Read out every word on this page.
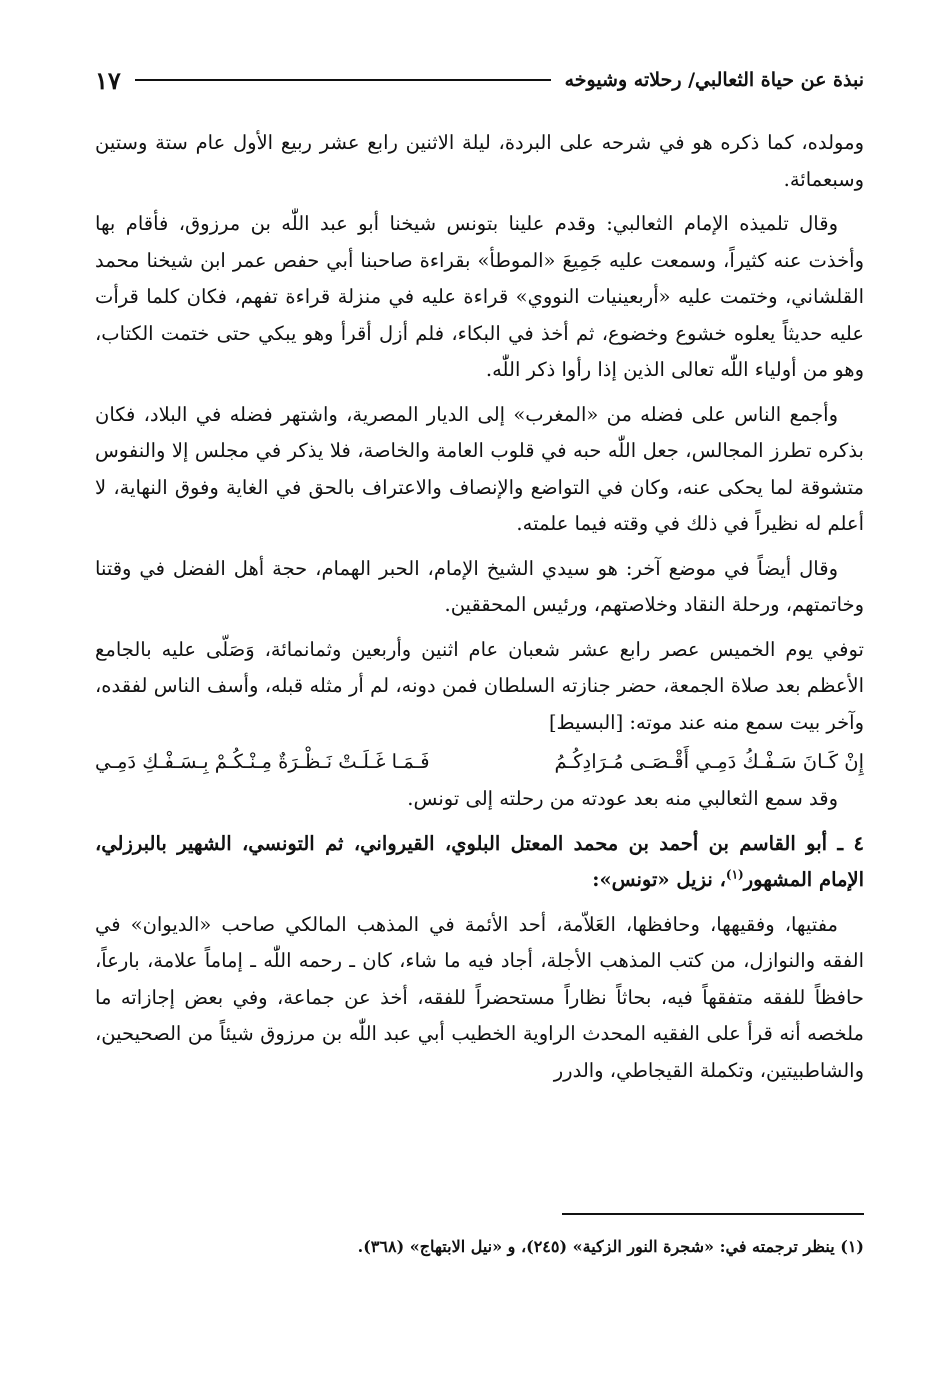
نبذة عن حياة الثعالبي/ رحلاته وشيوخه
١٧

ومولده، كما ذكره هو في شرحه على البردة، ليلة الاثنين رابع عشر ربيع الأول عام ستة وستين وسبعمائة.

وقال تلميذه الإمام الثعالبي: وقدم علينا بتونس شيخنا أبو عبد اللّٰه بن مرزوق، فأقام بها وأخذت عنه كثيراً، وسمعت عليه جَمِيعَ «الموطأ» بقراءة صاحبنا أبي حفص عمر ابن شيخنا محمد القلشاني، وختمت عليه «أربعينيات النووي» قراءة عليه في منزلة قراءة تفهم، فكان كلما قرأت عليه حديثاً يعلوه خشوع وخضوع، ثم أخذ في البكاء، فلم أزل أقرأ وهو يبكي حتى ختمت الكتاب، وهو من أولياء اللّٰه تعالى الذين إذا رأوا ذكر اللّٰه.

وأجمع الناس على فضله من «المغرب» إلى الديار المصرية، واشتهر فضله في البلاد، فكان بذكره تطرز المجالس، جعل اللّٰه حبه في قلوب العامة والخاصة، فلا يذكر في مجلس إلا والنفوس متشوقة لما يحكى عنه، وكان في التواضع والإنصاف والاعتراف بالحق في الغاية وفوق النهاية، لا أعلم له نظيراً في ذلك في وقته فيما علمته.

وقال أيضاً في موضع آخر: هو سيدي الشيخ الإمام، الحبر الهمام، حجة أهل الفضل في وقتنا وخاتمتهم، ورحلة النقاد وخلاصتهم، ورئيس المحققين.

توفي يوم الخميس عصر رابع عشر شعبان عام اثنين وأربعين وثمانمائة، وَصَلّى عليه بالجامع الأعظم بعد صلاة الجمعة، حضر جنازته السلطان فمن دونه، لم أر مثله قبله، وأسف الناس لفقده، وآخر بيت سمع منه عند موته: [البسيط]

إِنْ كَـانَ سَـفْـكُ دَمِـي أَقْـصَـى مُـرَادِكُـمُ
فَـمَـا غَـلَـتْ نَـظْـرَةٌ مِـنْـكُـمْ بِـسَـفْـكِ دَمِـي

وقد سمع الثعالبي منه بعد عودته من رحلته إلى تونس.

٤ ـ أبو القاسم بن أحمد بن محمد المعتل البلوي، القيرواني، ثم التونسي، الشهير بالبرزلي، الإمام المشهور$^{(١)}$، نزيل «تونس»:

مفتيها، وفقيهها، وحافظها، العَلاّمة، أحد الأئمة في المذهب المالكي صاحب «الديوان» في الفقه والنوازل، من كتب المذهب الأجلة، أجاد فيه ما شاء، كان ـ رحمه اللّٰه ـ إماماً علامة، بارعاً، حافظاً للفقه متفقهاً فيه، بحاثاً نظاراً مستحضراً للفقه، أخذ عن جماعة، وفي بعض إجازاته ما ملخصه أنه قرأ على الفقيه المحدث الراوية الخطيب أبي عبد اللّٰه بن مرزوق شيئاً من الصحيحين، والشاطبيتين، وتكملة القيجاطي، والدرر

(١) ينظر ترجمته في: «شجرة النور الزكية» (٢٤٥)، و «نيل الابتهاج» (٣٦٨).
